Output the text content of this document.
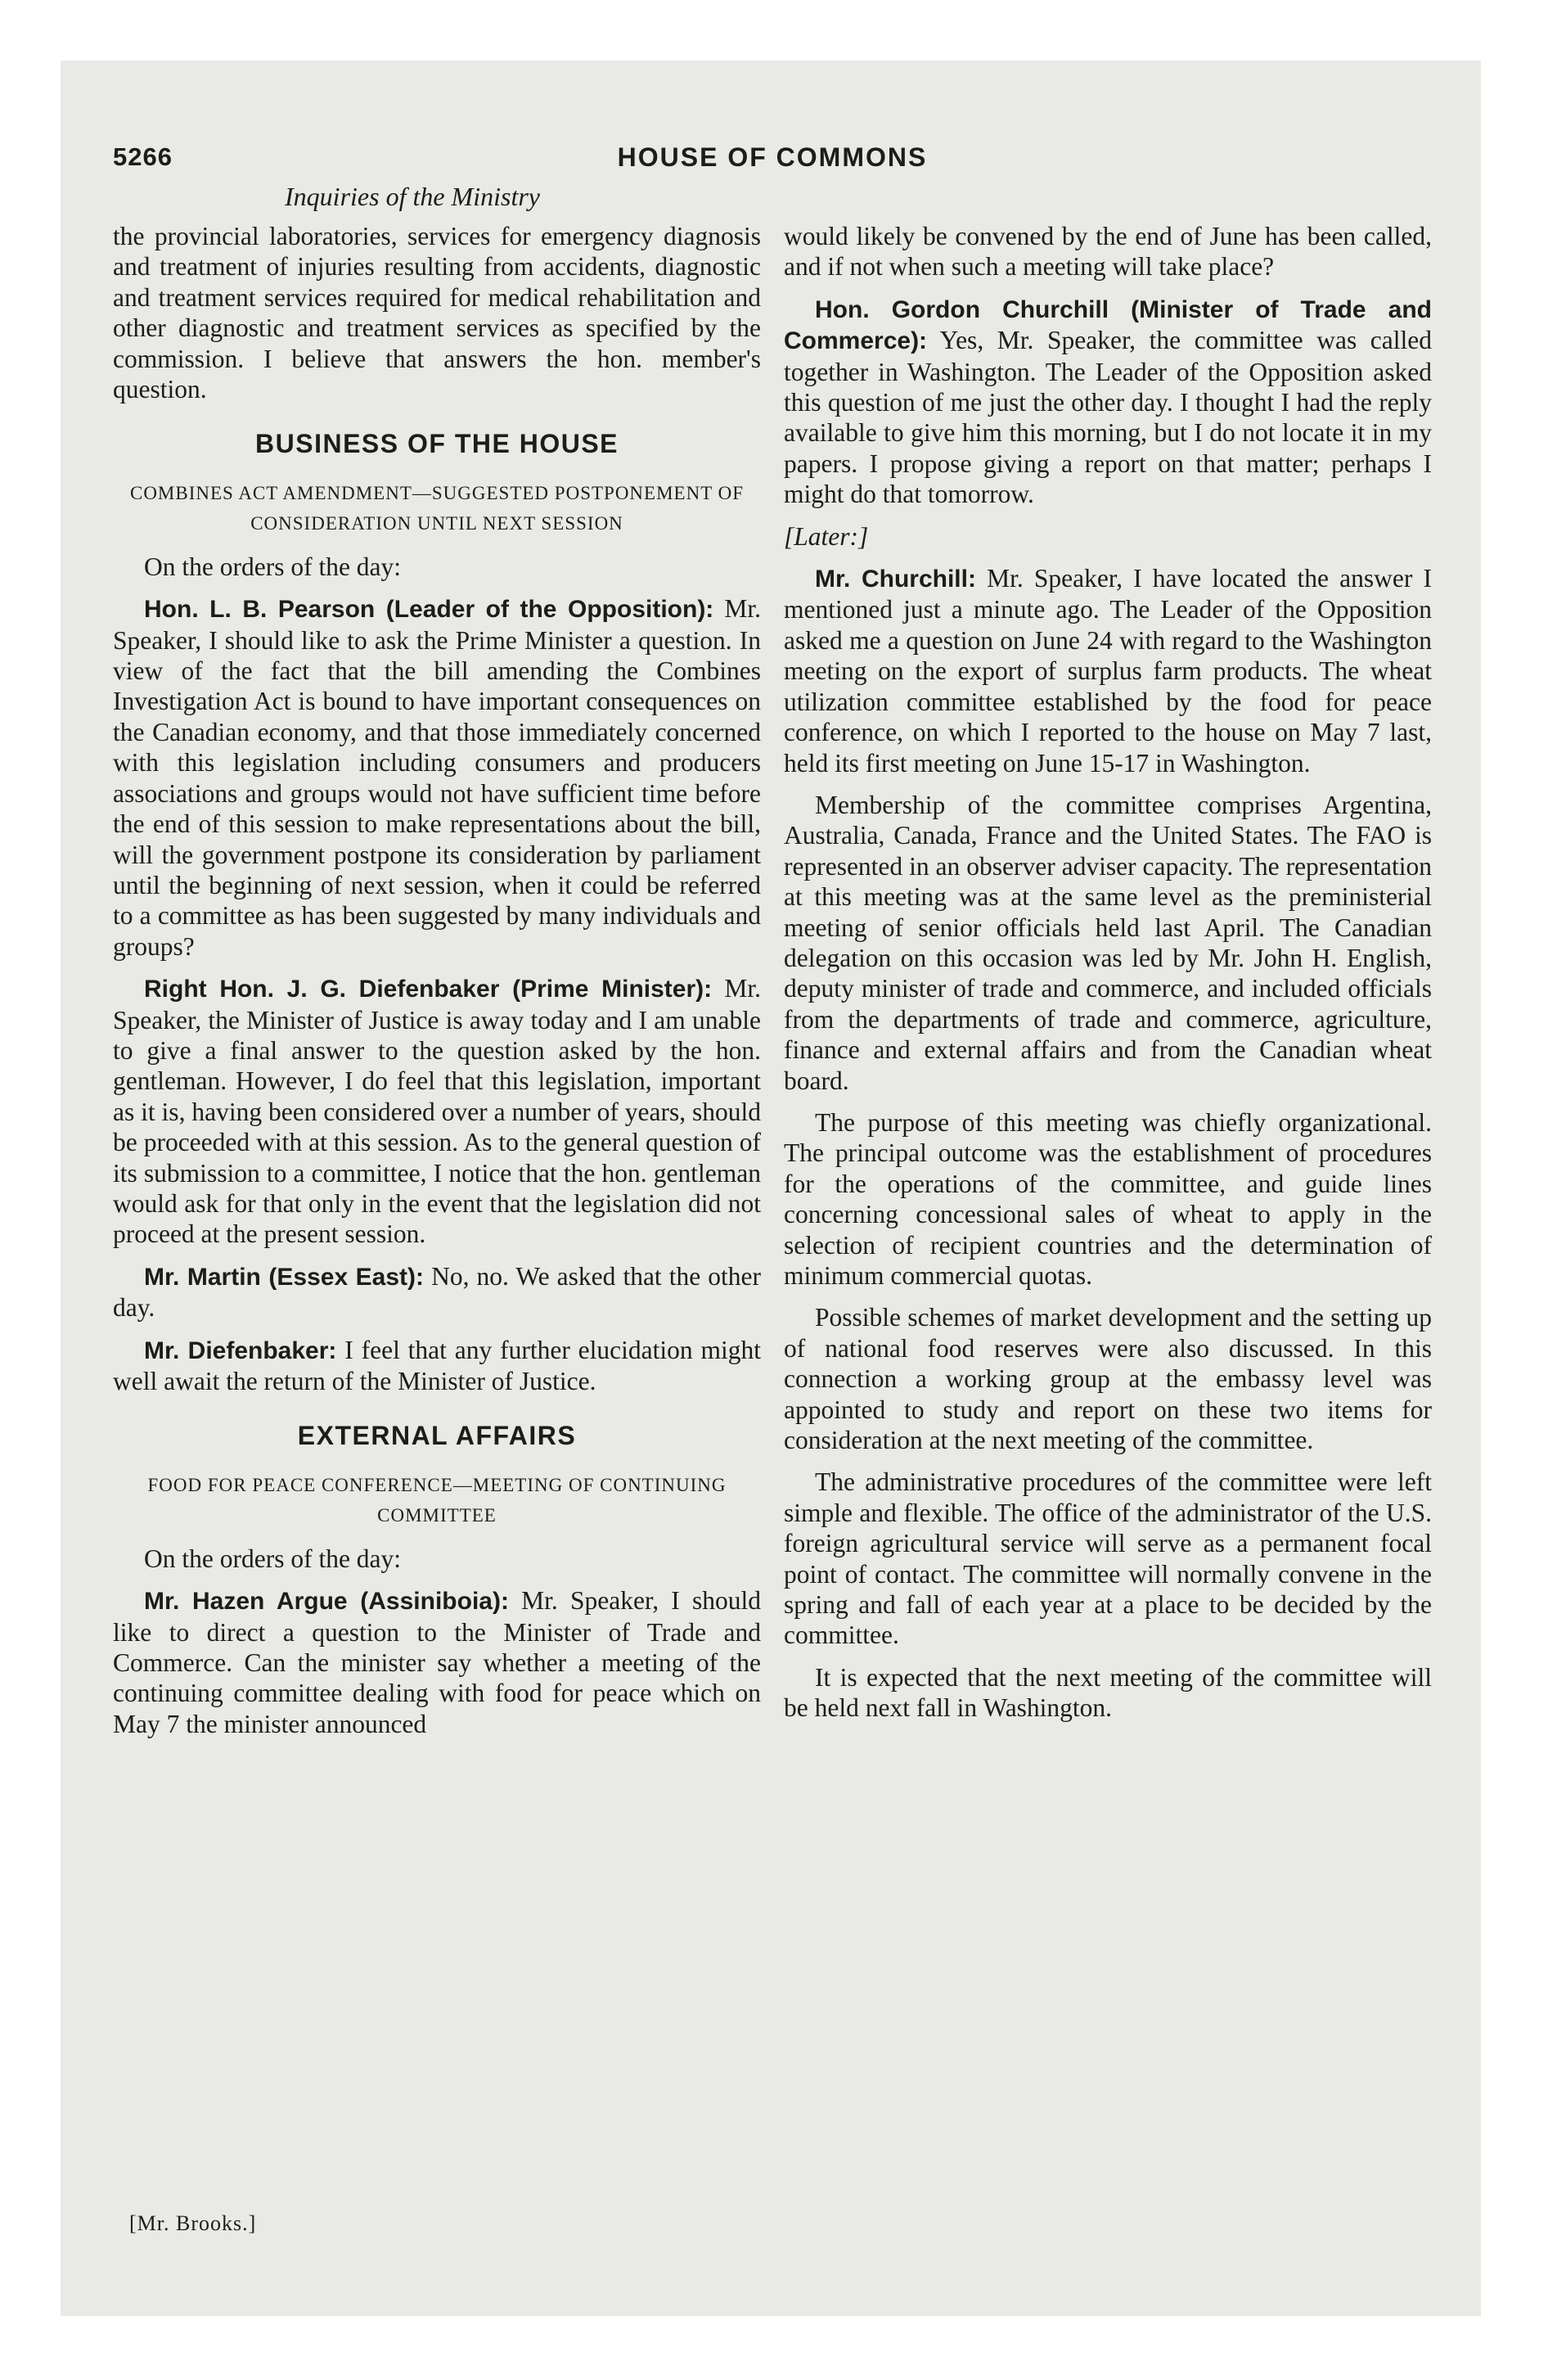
5266	HOUSE OF COMMONS
Inquiries of the Ministry

the provincial laboratories, services for emergency diagnosis and treatment of injuries resulting from accidents, diagnostic and treatment services required for medical rehabilitation and other diagnostic and treatment services as specified by the commission. I believe that answers the hon. member's question.

BUSINESS OF THE HOUSE
COMBINES ACT AMENDMENT—SUGGESTED POSTPONEMENT OF CONSIDERATION UNTIL NEXT SESSION

On the orders of the day:

Hon. L. B. Pearson (Leader of the Opposition): Mr. Speaker, I should like to ask the Prime Minister a question. In view of the fact that the bill amending the Combines Investigation Act is bound to have important consequences on the Canadian economy, and that those immediately concerned with this legislation including consumers and producers associations and groups would not have sufficient time before the end of this session to make representations about the bill, will the government postpone its consideration by parliament until the beginning of next session, when it could be referred to a committee as has been suggested by many individuals and groups?

Right Hon. J. G. Diefenbaker (Prime Minister): Mr. Speaker, the Minister of Justice is away today and I am unable to give a final answer to the question asked by the hon. gentleman. However, I do feel that this legislation, important as it is, having been considered over a number of years, should be proceeded with at this session. As to the general question of its submission to a committee, I notice that the hon. gentleman would ask for that only in the event that the legislation did not proceed at the present session.

Mr. Martin (Essex East): No, no. We asked that the other day.

Mr. Diefenbaker: I feel that any further elucidation might well await the return of the Minister of Justice.

EXTERNAL AFFAIRS
FOOD FOR PEACE CONFERENCE—MEETING OF CONTINUING COMMITTEE

On the orders of the day:

Mr. Hazen Argue (Assiniboia): Mr. Speaker, I should like to direct a question to the Minister of Trade and Commerce. Can the minister say whether a meeting of the continuing committee dealing with food for peace which on May 7 the minister announced

would likely be convened by the end of June has been called, and if not when such a meeting will take place?

Hon. Gordon Churchill (Minister of Trade and Commerce): Yes, Mr. Speaker, the committee was called together in Washington. The Leader of the Opposition asked this question of me just the other day. I thought I had the reply available to give him this morning, but I do not locate it in my papers. I propose giving a report on that matter; perhaps I might do that tomorrow.

[Later:]

Mr. Churchill: Mr. Speaker, I have located the answer I mentioned just a minute ago. The Leader of the Opposition asked me a question on June 24 with regard to the Washington meeting on the export of surplus farm products. The wheat utilization committee established by the food for peace conference, on which I reported to the house on May 7 last, held its first meeting on June 15-17 in Washington.

Membership of the committee comprises Argentina, Australia, Canada, France and the United States. The FAO is represented in an observer adviser capacity. The representation at this meeting was at the same level as the preministerial meeting of senior officials held last April. The Canadian delegation on this occasion was led by Mr. John H. English, deputy minister of trade and commerce, and included officials from the departments of trade and commerce, agriculture, finance and external affairs and from the Canadian wheat board.

The purpose of this meeting was chiefly organizational. The principal outcome was the establishment of procedures for the operations of the committee, and guide lines concerning concessional sales of wheat to apply in the selection of recipient countries and the determination of minimum commercial quotas.

Possible schemes of market development and the setting up of national food reserves were also discussed. In this connection a working group at the embassy level was appointed to study and report on these two items for consideration at the next meeting of the committee.

The administrative procedures of the committee were left simple and flexible. The office of the administrator of the U.S. foreign agricultural service will serve as a permanent focal point of contact. The committee will normally convene in the spring and fall of each year at a place to be decided by the committee.

It is expected that the next meeting of the committee will be held next fall in Washington.

[Mr. Brooks.]
